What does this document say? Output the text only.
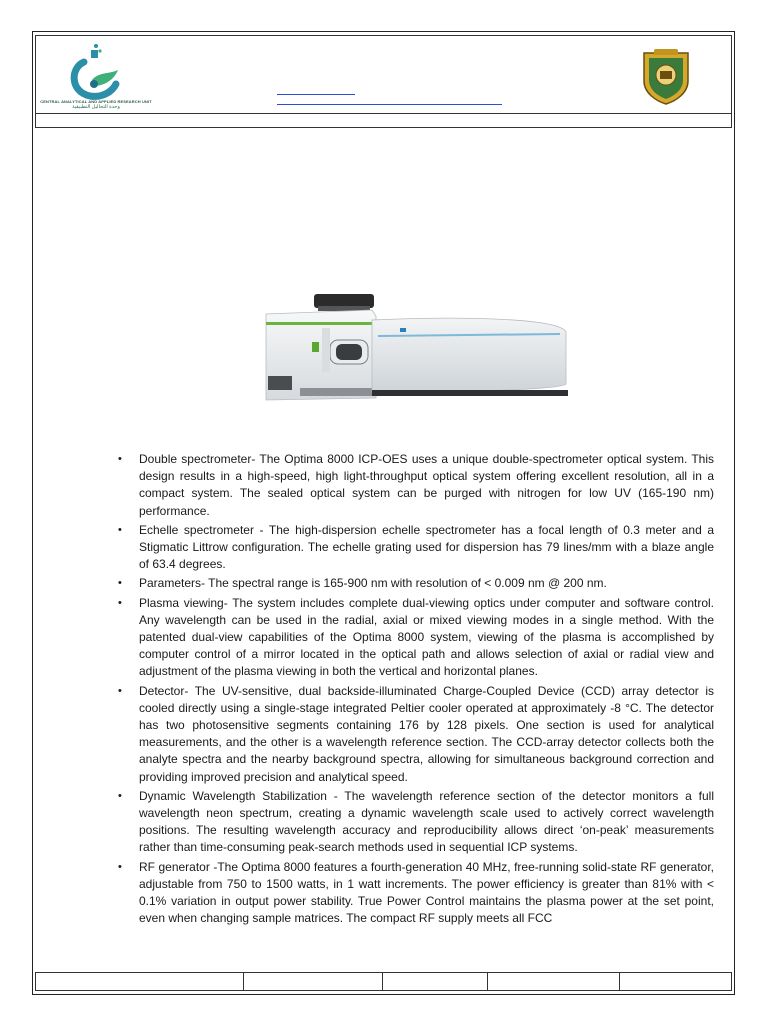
CENTRAL ANALYTICAL AND APPLIED RESEARCH UNIT
وحدة التحاليل التطبيقية
• Double spectrometer- The Optima 8000 ICP-OES uses a unique double-spectrometer optical system. This design results in a high-speed, high light-throughput optical system offering excellent resolution, all in a compact system. The sealed optical system can be purged with nitrogen for low UV (165-190 nm) performance.
• Echelle spectrometer - The high-dispersion echelle spectrometer has a focal length of 0.3 meter and a Stigmatic Littrow configuration. The echelle grating used for dispersion has 79 lines/mm with a blaze angle of 63.4 degrees.
• Parameters- The spectral range is 165-900 nm with resolution of < 0.009 nm @ 200 nm.
• Plasma viewing- The system includes complete dual-viewing optics under computer and software control. Any wavelength can be used in the radial, axial or mixed viewing modes in a single method. With the patented dual-view capabilities of the Optima 8000 system, viewing of the plasma is accomplished by computer control of a mirror located in the optical path and allows selection of axial or radial view and adjustment of the plasma viewing in both the vertical and horizontal planes.
• Detector- The UV-sensitive, dual backside-illuminated Charge-Coupled Device (CCD) array detector is cooled directly using a single-stage integrated Peltier cooler operated at approximately -8 °C. The detector has two photosensitive segments containing 176 by 128 pixels. One section is used for analytical measurements, and the other is a wavelength reference section. The CCD-array detector collects both the analyte spectra and the nearby background spectra, allowing for simultaneous background correction and providing improved precision and analytical speed.
• Dynamic Wavelength Stabilization - The wavelength reference section of the detector monitors a full wavelength neon spectrum, creating a dynamic wavelength scale used to actively correct wavelength positions. The resulting wavelength accuracy and reproducibility allows direct ‘on-peak’ measurements rather than time-consuming peak-search methods used in sequential ICP systems.
• RF generator -The Optima 8000 features a fourth-generation 40 MHz, free-running solid-state RF generator, adjustable from 750 to 1500 watts, in 1 watt increments. The power efficiency is greater than 81% with < 0.1% variation in output power stability. True Power Control maintains the plasma power at the set point, even when changing sample matrices. The compact RF supply meets all FCC
